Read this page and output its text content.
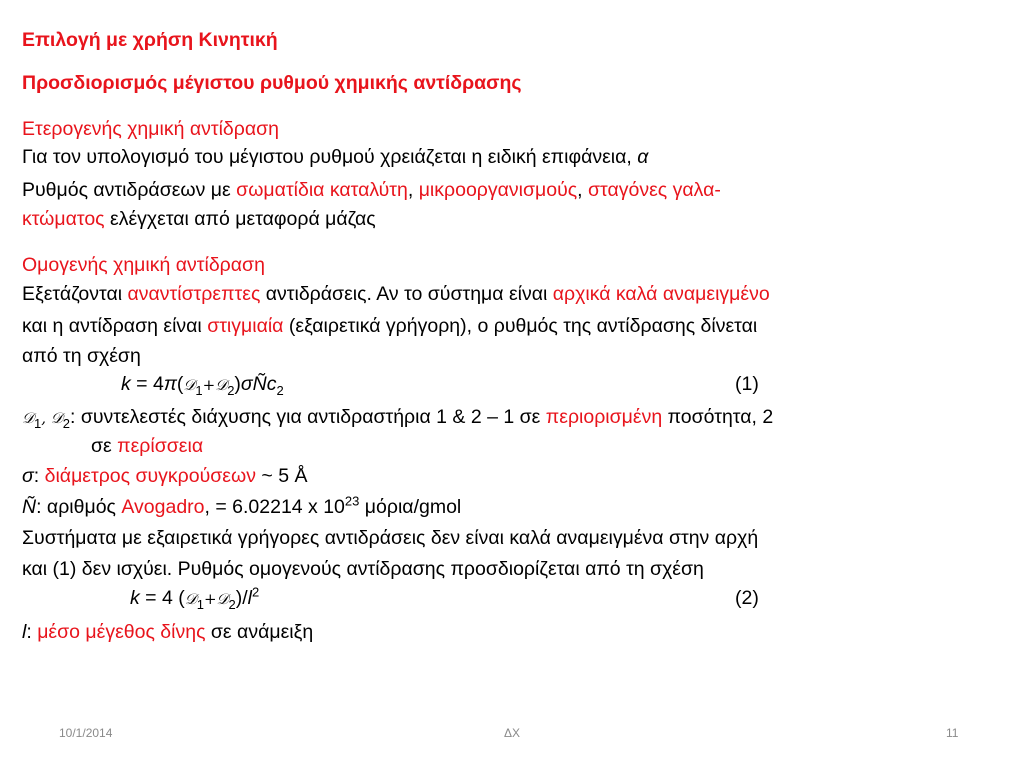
Επιλογή με χρήση Κινητική
Προσδιορισμός μέγιστου ρυθμού χημικής αντίδρασης
Ετερογενής χημική αντίδραση
Για τον υπολογισμό του μέγιστου ρυθμού χρειάζεται η ειδική επιφάνεια, α
Ρυθμός αντιδράσεων με σωματίδια καταλύτη, μικροοργανισμούς, σταγόνες γαλα-
κτώματος ελέγχεται από μεταφορά μάζας
Ομογενής χημική αντίδραση
Εξετάζονται αναντίστρεπτες αντιδράσεις. Αν το σύστημα είναι αρχικά καλά αναμειγμένο
και η αντίδραση είναι στιγμιαία (εξαιρετικά γρήγορη), ο ρυθμός της αντίδρασης δίνεται
από τη σχέση
k = 4π(𝒟$_1$+𝒟$_2$)σÑc$_2$	(1)
𝒟$_1$, 𝒟$_2$: συντελεστές διάχυσης για αντιδραστήρια 1 & 2 – 1 σε περιορισμένη ποσότητα, 2
σε περίσσεια
σ: διάμετρος συγκρούσεων ~ 5 Å
Ñ: αριθμός Avogadro, = 6.02214 x $10^{23}$ μόρια/gmol
Συστήματα με εξαιρετικά γρήγορες αντιδράσεις δεν είναι καλά αναμειγμένα στην αρχή
και (1) δεν ισχύει. Ρυθμός ομογενούς αντίδρασης προσδιορίζεται από τη σχέση
k = 4 $(𝒟_1+𝒟_2)/l^2$	(2)
l: μέσο μέγεθος δίνης σε ανάμειξη
10/1/2014	ΔΧ	11
